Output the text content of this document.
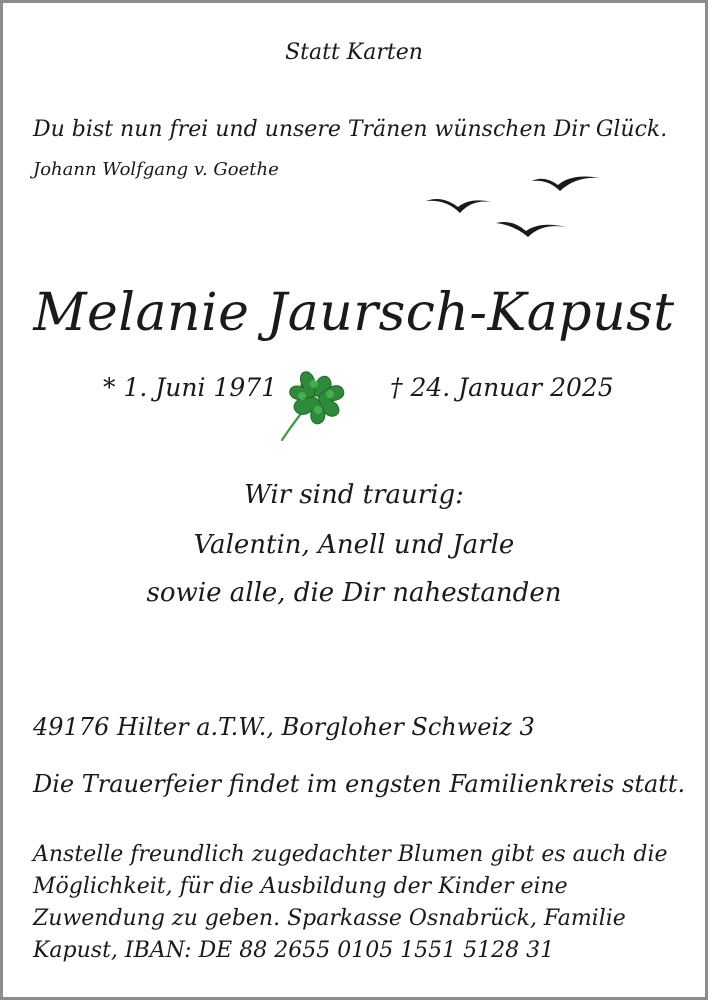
Statt Karten

Du bist nun frei und unsere Tränen wünschen Dir Glück.

Johann Wolfgang v. Goethe

Melanie Jaursch-Kapust

* 1. Juni 1971	† 24. Januar 2025

Wir sind traurig:

Valentin, Anell und Jarle

sowie alle, die Dir nahestanden

49176 Hilter a.T.W., Borgloher Schweiz 3

Die Trauerfeier findet im engsten Familienkreis statt.

Anstelle freundlich zugedachter Blumen gibt es auch die
Möglichkeit, für die Ausbildung der Kinder eine
Zuwendung zu geben. Sparkasse Osnabrück, Familie
Kapust, IBAN: DE 88 2655 0105 1551 5128 31
